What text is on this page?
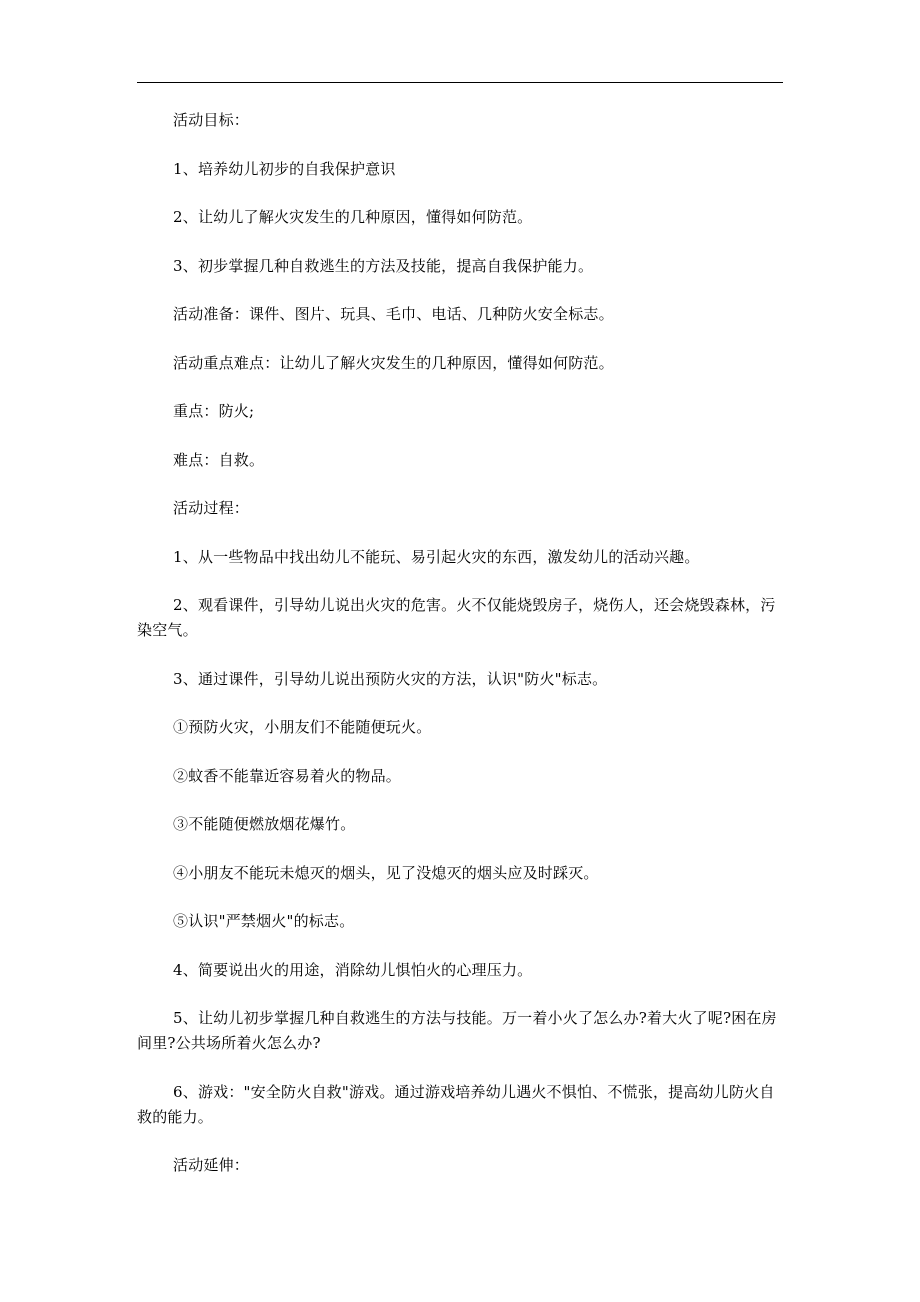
活动目标：

1、培养幼儿初步的自我保护意识

2、让幼儿了解火灾发生的几种原因，懂得如何防范。

3、初步掌握几种自救逃生的方法及技能，提高自我保护能力。

活动准备：课件、图片、玩具、毛巾、电话、几种防火安全标志。

活动重点难点：让幼儿了解火灾发生的几种原因，懂得如何防范。

重点：防火;

难点：自救。

活动过程：

1、从一些物品中找出幼儿不能玩、易引起火灾的东西，激发幼儿的活动兴趣。

2、观看课件，引导幼儿说出火灾的危害。火不仅能烧毁房子，烧伤人，还会烧毁森林，污染空气。

3、通过课件，引导幼儿说出预防火灾的方法，认识"防火"标志。

①预防火灾，小朋友们不能随便玩火。

②蚊香不能靠近容易着火的物品。

③不能随便燃放烟花爆竹。

④小朋友不能玩未熄灭的烟头，见了没熄灭的烟头应及时踩灭。

⑤认识"严禁烟火"的标志。

4、简要说出火的用途，消除幼儿惧怕火的心理压力。

5、让幼儿初步掌握几种自救逃生的方法与技能。万一着小火了怎么办?着大火了呢?困在房间里?公共场所着火怎么办?

6、游戏："安全防火自救"游戏。通过游戏培养幼儿遇火不惧怕、不慌张，提高幼儿防火自救的能力。

活动延伸：
